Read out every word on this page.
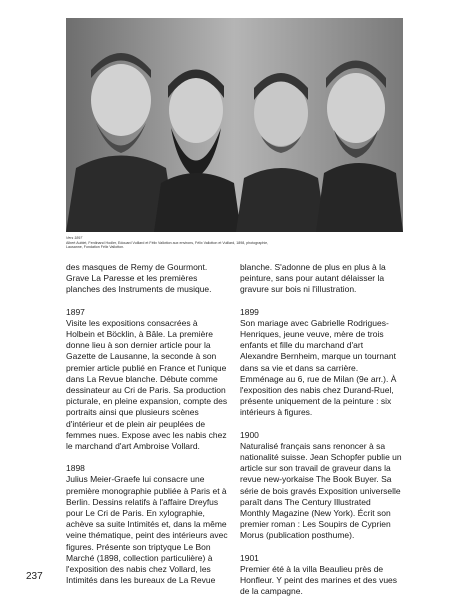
Vers 1897
Albert Aublet, Ferdinand Hodler, Edouard Vuillard et Félix Vallotton aux environs, Félix Vallotton et Vuillard, 1898, photographie, Lausanne, Fondation Félix Vallotton.

des masques de Remy de Gourmont. Grave La Paresse et les premières planches des Instruments de musique.

1897

Visite les expositions consacrées à Holbein et Böcklin, à Bâle. La première donne lieu à son dernier article pour la Gazette de Lausanne, la seconde à son premier article publié en France et l'unique dans La Revue blanche. Débute comme dessinateur au Cri de Paris. Sa production picturale, en pleine expansion, compte des portraits ainsi que plusieurs scènes d'intérieur et de plein air peuplées de femmes nues. Expose avec les nabis chez le marchand d'art Ambroise Vollard.

1898

Julius Meier-Graefe lui consacre une première monographie publiée à Paris et à Berlin. Dessins relatifs à l'affaire Dreyfus pour Le Cri de Paris. En xylographie, achève sa suite Intimités et, dans la même veine thématique, peint des intérieurs avec figures. Présente son triptyque Le Bon Marché (1898, collection particulière) à l'exposition des nabis chez Vollard, les Intimités dans les bureaux de La Revue

blanche. S'adonne de plus en plus à la peinture, sans pour autant délaisser la gravure sur bois ni l'illustration.

1899

Son mariage avec Gabrielle Rodrigues-Henriques, jeune veuve, mère de trois enfants et fille du marchand d'art Alexandre Bernheim, marque un tournant dans sa vie et dans sa carrière. Emménage au 6, rue de Milan (9e arr.). À l'exposition des nabis chez Durand-Ruel, présente uniquement de la peinture : six intérieurs à figures.

1900

Naturalisé français sans renoncer à sa nationalité suisse. Jean Schopfer publie un article sur son travail de graveur dans la revue new-yorkaise The Book Buyer. Sa série de bois gravés Exposition universelle paraît dans The Century Illustrated Monthly Magazine (New York). Écrit son premier roman : Les Soupirs de Cyprien Morus (publication posthume).

1901

Premier été à la villa Beaulieu près de Honfleur. Y peint des marines et des vues de la campagne.

237
